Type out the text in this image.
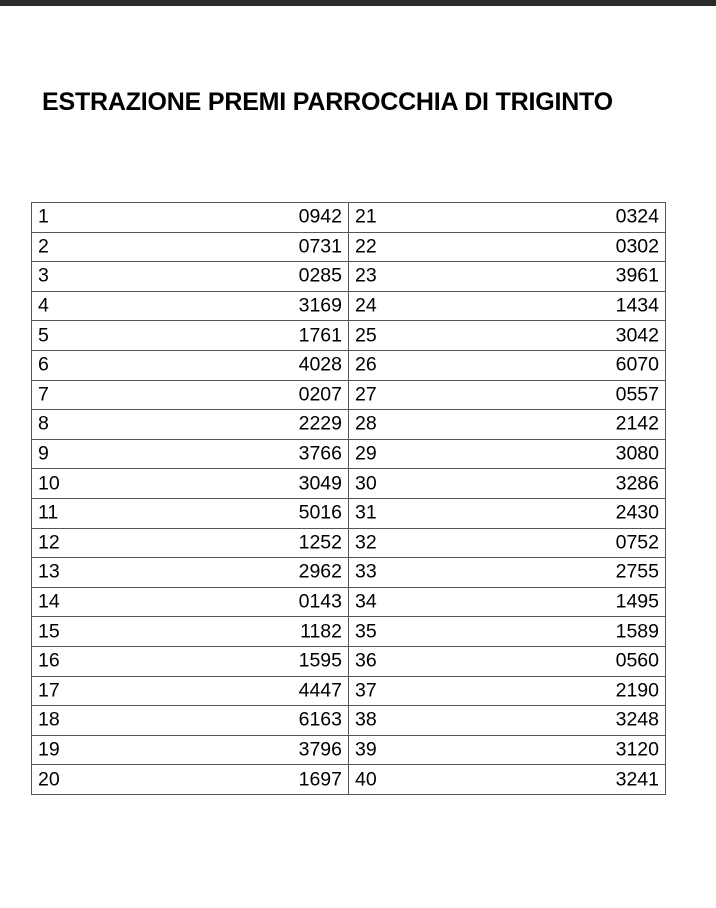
ESTRAZIONE PREMI PARROCCHIA DI TRIGINTO
1 0942	21 0324

2 0731	22 0302

3 0285	23 3961

4 3169	24 1434

5 1761	25 3042

6 4028	26 6070

7 0207	27 0557

8 2229	28 2142

9 3766	29 3080

10 3049	30 3286

11 5016	31 2430

12 1252	32 0752

13 2962	33 2755

14 0143	34 1495

15 1182	35 1589

16 1595	36 0560

17 4447	37 2190

18 6163	38 3248

19 3796	39 3120

20 1697	40 3241
